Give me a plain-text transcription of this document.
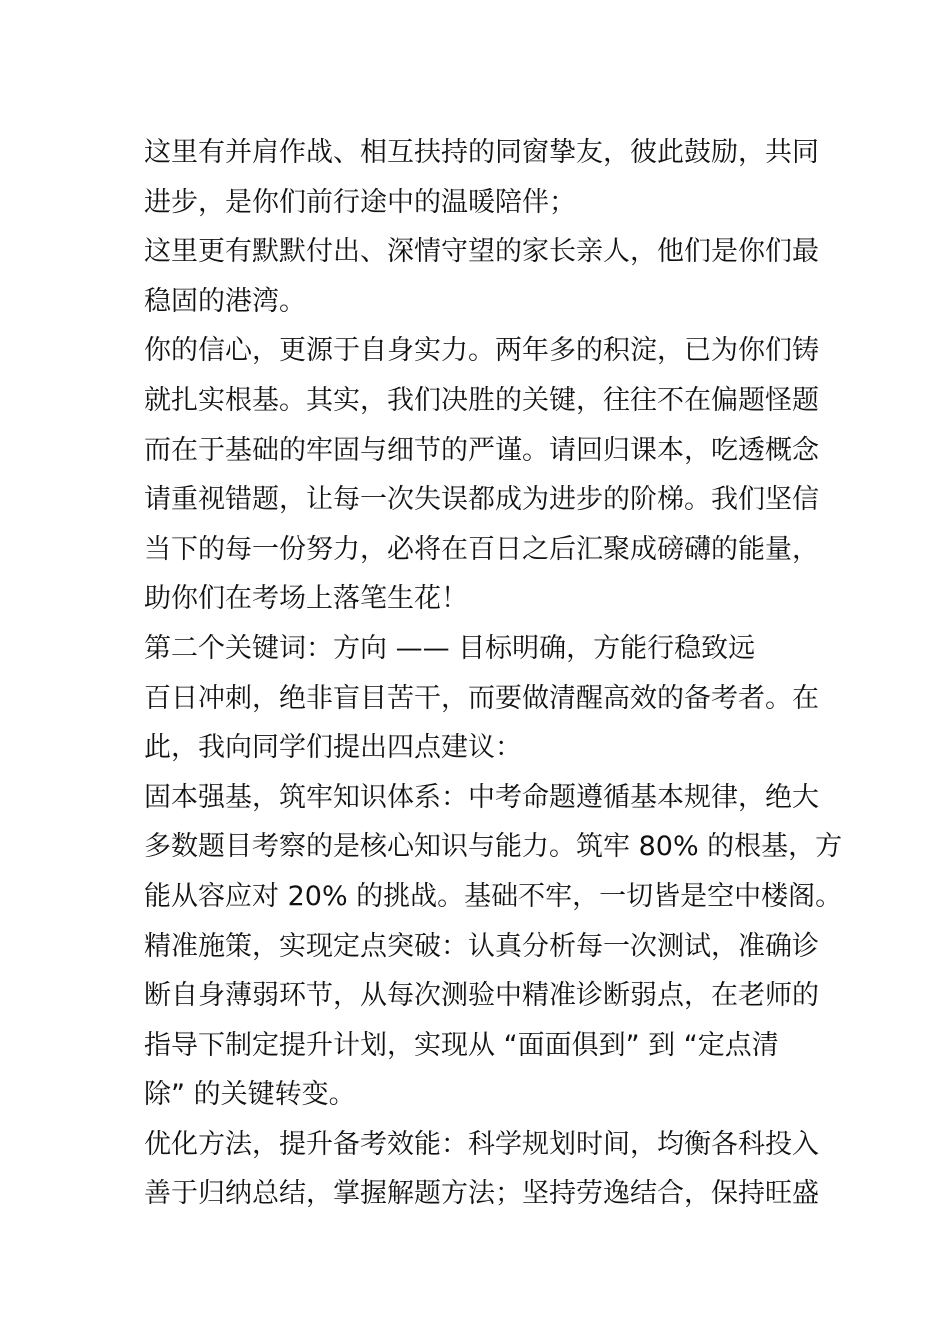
这里有并肩作战、相互扶持的同窗挚友，彼此鼓励，共同
进步，是你们前行途中的温暖陪伴；
这里更有默默付出、深情守望的家长亲人，他们是你们最
稳固的港湾。
你的信心，更源于自身实力。两年多的积淀，已为你们铸
就扎实根基。其实，我们决胜的关键，往往不在偏题怪题
而在于基础的牢固与细节的严谨。请回归课本，吃透概念
请重视错题，让每一次失误都成为进步的阶梯。我们坚信
当下的每一份努力，必将在百日之后汇聚成磅礴的能量，
助你们在考场上落笔生花！
第二个关键词：方向 —— 目标明确，方能行稳致远
百日冲刺，绝非盲目苦干，而要做清醒高效的备考者。在
此，我向同学们提出四点建议：
固本强基，筑牢知识体系：中考命题遵循基本规律，绝大
多数题目考察的是核心知识与能力。筑牢 80% 的根基，方
能从容应对 20% 的挑战。基础不牢，一切皆是空中楼阁。
精准施策，实现定点突破：认真分析每一次测试，准确诊
断自身薄弱环节，从每次测验中精准诊断弱点，在老师的
指导下制定提升计划，实现从 “面面俱到” 到 “定点清
除” 的关键转变。
优化方法，提升备考效能：科学规划时间，均衡各科投入
善于归纳总结，掌握解题方法；坚持劳逸结合，保持旺盛
